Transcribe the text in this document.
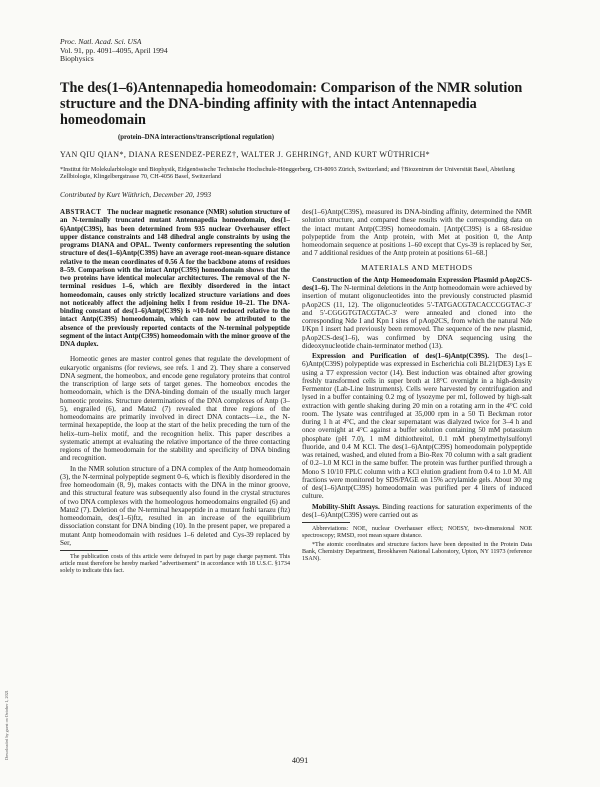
Proc. Natl. Acad. Sci. USA
Vol. 91, pp. 4091–4095, April 1994
Biophysics
The des(1–6)Antennapedia homeodomain: Comparison of the NMR solution structure and the DNA-binding affinity with the intact Antennapedia homeodomain
(protein–DNA interactions/transcriptional regulation)
YAN QIU QIAN*, DIANA RESENDEZ-PEREZ†, WALTER J. GEHRING†, AND KURT WÜTHRICH*
*Institut für Molekularbiologie und Biophysik, Eidgenössische Technische Hochschule-Hönggerberg, CH-8093 Zürich, Switzerland; and †Biozentrum der Universität Basel, Abteilung Zellbiologie, Klingelbergstrasse 70, CH-4056 Basel, Switzerland
Contributed by Kurt Wüthrich, December 20, 1993

ABSTRACT The nuclear magnetic resonance (NMR) solution structure of an N-terminally truncated mutant Antennapedia homeodomain, des(1–6)Antp(C39S), has been determined from 935 nuclear Overhauser effect upper distance constraints and 148 dihedral angle constraints by using the programs DIANA and OPAL. Twenty conformers representing the solution structure of des(1–6)Antp(C39S) have an average root-mean-square distance relative to the mean coordinates of 0.56 Å for the backbone atoms of residues 8–59. Comparison with the intact Antp(C39S) homeodomain shows that the two proteins have identical molecular architectures. The removal of the N-terminal residues 1–6, which are flexibly disordered in the intact homeodomain, causes only strictly localized structure variations and does not noticeably affect the adjoining helix I from residue 10–21. The DNA-binding constant of des(1–6)Antp(C39S) is ≈10-fold reduced relative to the intact Antp(C39S) homeodomain, which can now be attributed to the absence of the previously reported contacts of the N-terminal polypeptide segment of the intact Antp(C39S) homeodomain with the minor groove of the DNA duplex.

Homeotic genes are master control genes that regulate the development of eukaryotic organisms (for reviews, see refs. 1 and 2). They share a conserved DNA segment, the homeobox, and encode gene regulatory proteins that control the transcription of large sets of target genes. The homeobox encodes the homeodomain, which is the DNA-binding domain of the usually much larger homeotic proteins. Structure determinations of the DNA complexes of Antp (3–5), engrailed (6), and Matα2 (7) revealed that three regions of the homeodomains are primarily involved in direct DNA contacts—i.e., the N-terminal hexapeptide, the loop at the start of the helix preceding the turn of the helix–turn–helix motif, and the recognition helix. This paper describes a systematic attempt at evaluating the relative importance of the three contacting regions of the homeodomain for the stability and specificity of DNA binding and recognition.

In the NMR solution structure of a DNA complex of the Antp homeodomain (3), the N-terminal polypeptide segment 0–6, which is flexibly disordered in the free homeodomain (8, 9), makes contacts with the DNA in the minor groove, and this structural feature was subsequently also found in the crystal structures of two DNA complexes with the homeologous homeodomains engrailed (6) and Matα2 (7). Deletion of the N-terminal hexapeptide in a mutant fushi tarazu (ftz) homeodomain, des(1–6)ftz, resulted in an increase of the equilibrium dissociation constant for DNA binding (10). In the present paper, we prepared a mutant Antp homeodomain with residues 1–6 deleted and Cys-39 replaced by Ser,

The publication costs of this article were defrayed in part by page charge payment. This article must therefore be hereby marked "advertisement" in accordance with 18 U.S.C. §1734 solely to indicate this fact.

des(1–6)Antp(C39S), measured its DNA-binding affinity, determined the NMR solution structure, and compared these results with the corresponding data on the intact mutant Antp(C39S) homeodomain. [Antp(C39S) is a 68-residue polypeptide from the Antp protein, with Met at position 0, the Antp homeodomain sequence at positions 1–60 except that Cys-39 is replaced by Ser, and 7 additional residues of the Antp protein at positions 61–68.]

MATERIALS AND METHODS

Construction of the Antp Homeodomain Expression Plasmid pAop2CS-des(1–6). The N-terminal deletions in the Antp homeodomain were achieved by insertion of mutant oligonucleotides into the previously constructed plasmid pAop2CS (11, 12). The oligonucleotides 5′-TATGACGTACACCCGGTAC-3′ and 5′-CGGGTGTACGTAC-3′ were annealed and cloned into the corresponding Nde I and Kpn I sites of pAop2CS, from which the natural Nde I/Kpn I insert had previously been removed. The sequence of the new plasmid, pAop2CS-des(1–6), was confirmed by DNA sequencing using the dideoxynucleotide chain-terminator method (13).

Expression and Purification of des(1–6)Antp(C39S). The des(1–6)Antp(C39S) polypeptide was expressed in Escherichia coli BL21(DE3) Lys E using a T7 expression vector (14). Best induction was obtained after growing freshly transformed cells in super broth at 18°C overnight in a high-density Fermentor (Lab-Line Instruments). Cells were harvested by centrifugation and lysed in a buffer containing 0.2 mg of lysozyme per ml, followed by high-salt extraction with gentle shaking during 20 min on a rotating arm in the 4°C cold room. The lysate was centrifuged at 35,000 rpm in a 50 Ti Beckman rotor during 1 h at 4°C, and the clear supernatant was dialyzed twice for 3–4 h and once overnight at 4°C against a buffer solution containing 50 mM potassium phosphate (pH 7.0), 1 mM dithiothreitol, 0.1 mM phenylmethylsulfonyl fluoride, and 0.4 M KCl. The des(1–6)Antp(C39S) homeodomain polypeptide was retained, washed, and eluted from a Bio-Rex 70 column with a salt gradient of 0.2–1.0 M KCl in the same buffer. The protein was further purified through a Mono S 10/10 FPLC column with a KCl elution gradient from 0.4 to 1.0 M. All fractions were monitored by SDS/PAGE on 15% acrylamide gels. About 30 mg of des(1–6)Antp(C39S) homeodomain was purified per 4 liters of induced culture.

Mobility-Shift Assays. Binding reactions for saturation experiments of the des(1–6)Antp(C39S) were carried out as

Abbreviations: NOE, nuclear Overhauser effect; NOESY, two-dimensional NOE spectroscopy; RMSD, root mean square distance.

*The atomic coordinates and structure factors have been deposited in the Protein Data Bank, Chemistry Department, Brookhaven National Laboratory, Upton, NY 11973 (reference 1SAN).

4091
Downloaded by guest on October 1, 2021
